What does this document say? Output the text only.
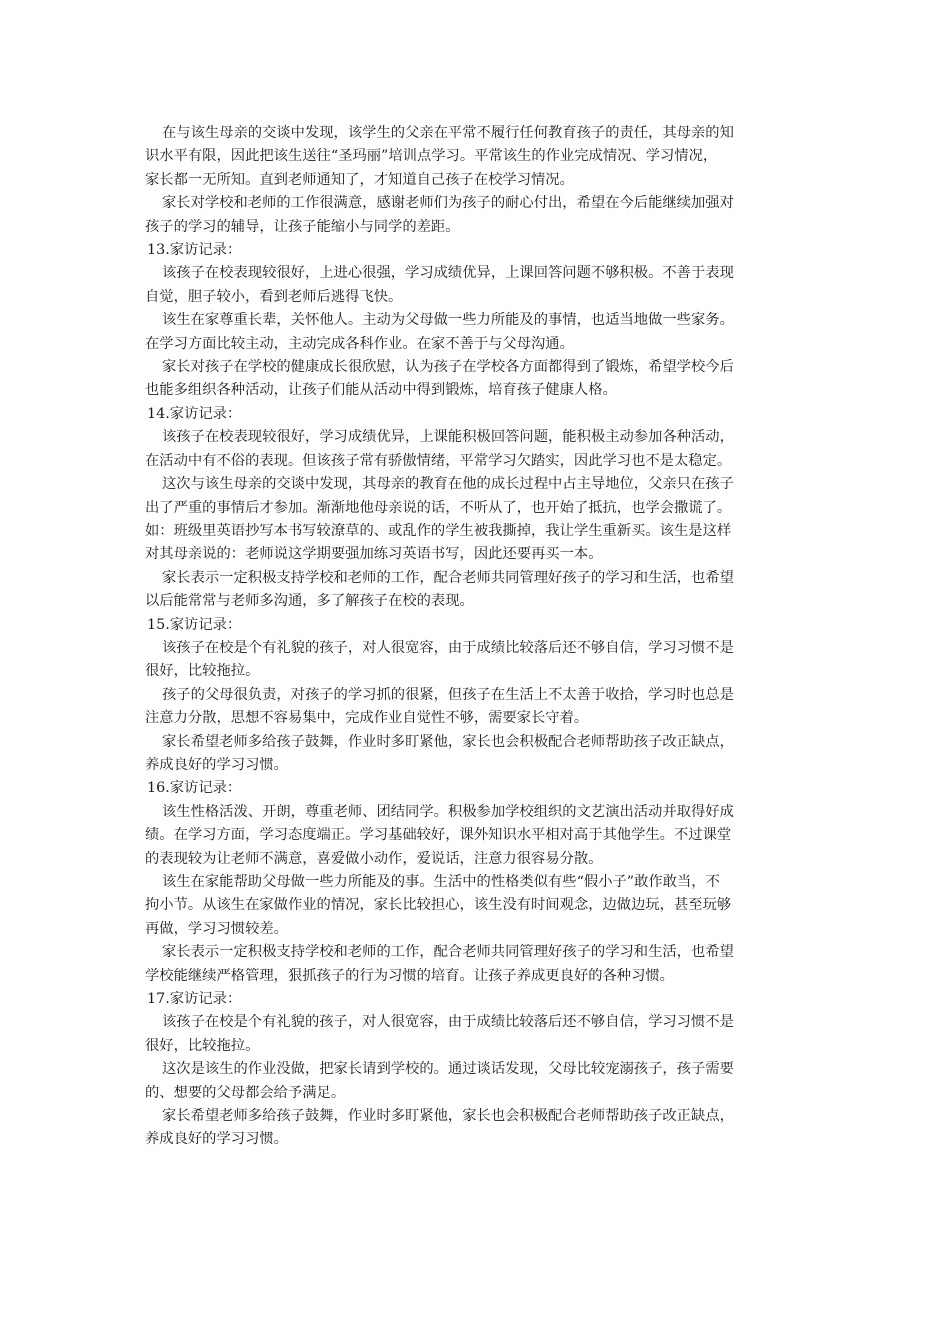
在与该生母亲的交谈中发现，该学生的父亲在平常不履行任何教育孩子的责任，其母亲的知
识水平有限，因此把该生送往“圣玛丽”培训点学习。平常该生的作业完成情况、学习情况，
家长都一无所知。直到老师通知了，才知道自己孩子在校学习情况。

家长对学校和老师的工作很满意，感谢老师们为孩子的耐心付出，希望在今后能继续加强对
孩子的学习的辅导，让孩子能缩小与同学的差距。

13.家访记录：

该孩子在校表现较很好，上进心很强，学习成绩优异，上课回答问题不够积极。不善于表现
自觉，胆子较小，看到老师后逃得飞快。

该生在家尊重长辈，关怀他人。主动为父母做一些力所能及的事情，也适当地做一些家务。
在学习方面比较主动，主动完成各科作业。在家不善于与父母沟通。

家长对孩子在学校的健康成长很欣慰，认为孩子在学校各方面都得到了锻炼，希望学校今后
也能多组织各种活动，让孩子们能从活动中得到锻炼，培育孩子健康人格。

14.家访记录：

该孩子在校表现较很好，学习成绩优异，上课能积极回答问题，能积极主动参加各种活动，
在活动中有不俗的表现。但该孩子常有骄傲情绪，平常学习欠踏实，因此学习也不是太稳定。

这次与该生母亲的交谈中发现，其母亲的教育在他的成长过程中占主导地位，父亲只在孩子
出了严重的事情后才参加。渐渐地他母亲说的话，不听从了，也开始了抵抗，也学会撒谎了。
如：班级里英语抄写本书写较潦草的、或乱作的学生被我撕掉，我让学生重新买。该生是这样
对其母亲说的：老师说这学期要强加练习英语书写，因此还要再买一本。

家长表示一定积极支持学校和老师的工作，配合老师共同管理好孩子的学习和生活，也希望
以后能常常与老师多沟通，多了解孩子在校的表现。

15.家访记录：

该孩子在校是个有礼貌的孩子，对人很宽容，由于成绩比较落后还不够自信，学习习惯不是
很好，比较拖拉。

孩子的父母很负责，对孩子的学习抓的很紧，但孩子在生活上不太善于收拾，学习时也总是
注意力分散，思想不容易集中，完成作业自觉性不够，需要家长守着。

家长希望老师多给孩子鼓舞，作业时多盯紧他，家长也会积极配合老师帮助孩子改正缺点，
养成良好的学习习惯。

16.家访记录：

该生性格活泼、开朗，尊重老师、团结同学。积极参加学校组织的文艺演出活动并取得好成
绩。在学习方面，学习态度端正。学习基础较好，课外知识水平相对高于其他学生。不过课堂
的表现较为让老师不满意，喜爱做小动作，爱说话，注意力很容易分散。

该生在家能帮助父母做一些力所能及的事。生活中的性格类似有些“假小子”敢作敢当，不
拘小节。从该生在家做作业的情况，家长比较担心，该生没有时间观念，边做边玩，甚至玩够
再做，学习习惯较差。

家长表示一定积极支持学校和老师的工作，配合老师共同管理好孩子的学习和生活，也希望
学校能继续严格管理，狠抓孩子的行为习惯的培育。让孩子养成更良好的各种习惯。

17.家访记录：

该孩子在校是个有礼貌的孩子，对人很宽容，由于成绩比较落后还不够自信，学习习惯不是
很好，比较拖拉。

这次是该生的作业没做，把家长请到学校的。通过谈话发现，父母比较宠溺孩子，孩子需要
的、想要的父母都会给予满足。

家长希望老师多给孩子鼓舞，作业时多盯紧他，家长也会积极配合老师帮助孩子改正缺点，
养成良好的学习习惯。
